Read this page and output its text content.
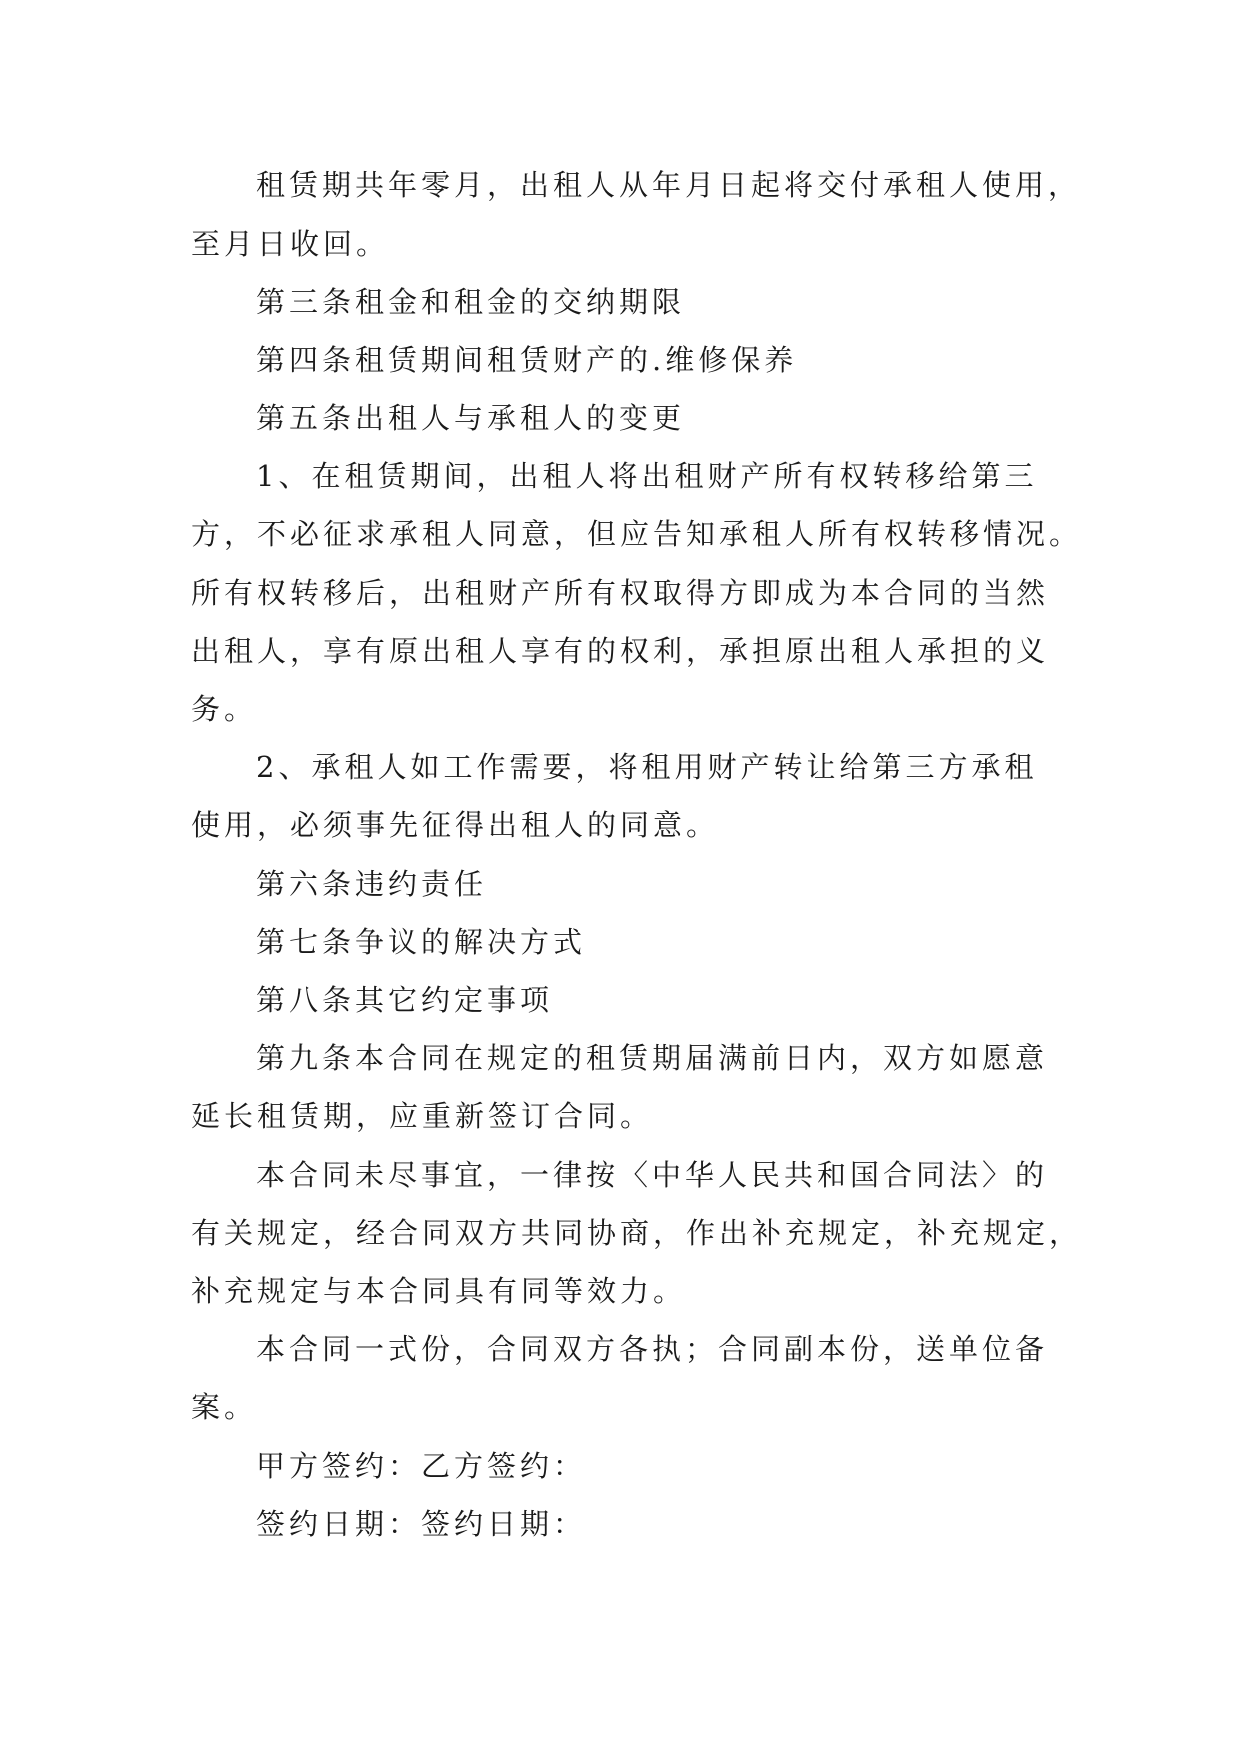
租赁期共年零月，出租人从年月日起将交付承租人使用，
至月日收回。
第三条租金和租金的交纳期限
第四条租赁期间租赁财产的.维修保养
第五条出租人与承租人的变更
1、在租赁期间，出租人将出租财产所有权转移给第三
方，不必征求承租人同意，但应告知承租人所有权转移情况。
所有权转移后，出租财产所有权取得方即成为本合同的当然
出租人，享有原出租人享有的权利，承担原出租人承担的义
务。
2、承租人如工作需要，将租用财产转让给第三方承租
使用，必须事先征得出租人的同意。
第六条违约责任
第七条争议的解决方式
第八条其它约定事项
第九条本合同在规定的租赁期届满前日内，双方如愿意
延长租赁期，应重新签订合同。
本合同未尽事宜，一律按〈中华人民共和国合同法〉的
有关规定，经合同双方共同协商，作出补充规定，补充规定，
补充规定与本合同具有同等效力。
本合同一式份，合同双方各执；合同副本份，送单位备
案。
甲方签约：乙方签约：
签约日期：签约日期：
